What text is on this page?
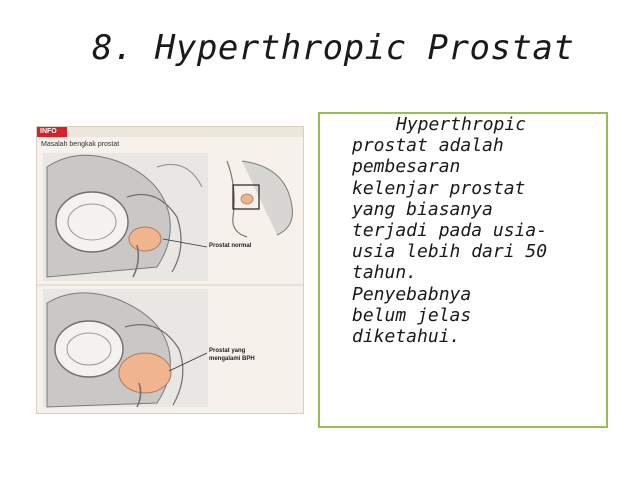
8. Hyperthropic Prostat
INFO
Masalah bengkak prostat
Prostat normal
Prostat yang
mengalami BPH
Hyperthropic
prostat adalah
pembesaran
kelenjar prostat
yang biasanya
terjadi pada usia-
usia lebih dari 50
tahun.
Penyebabnya
belum jelas
diketahui.
